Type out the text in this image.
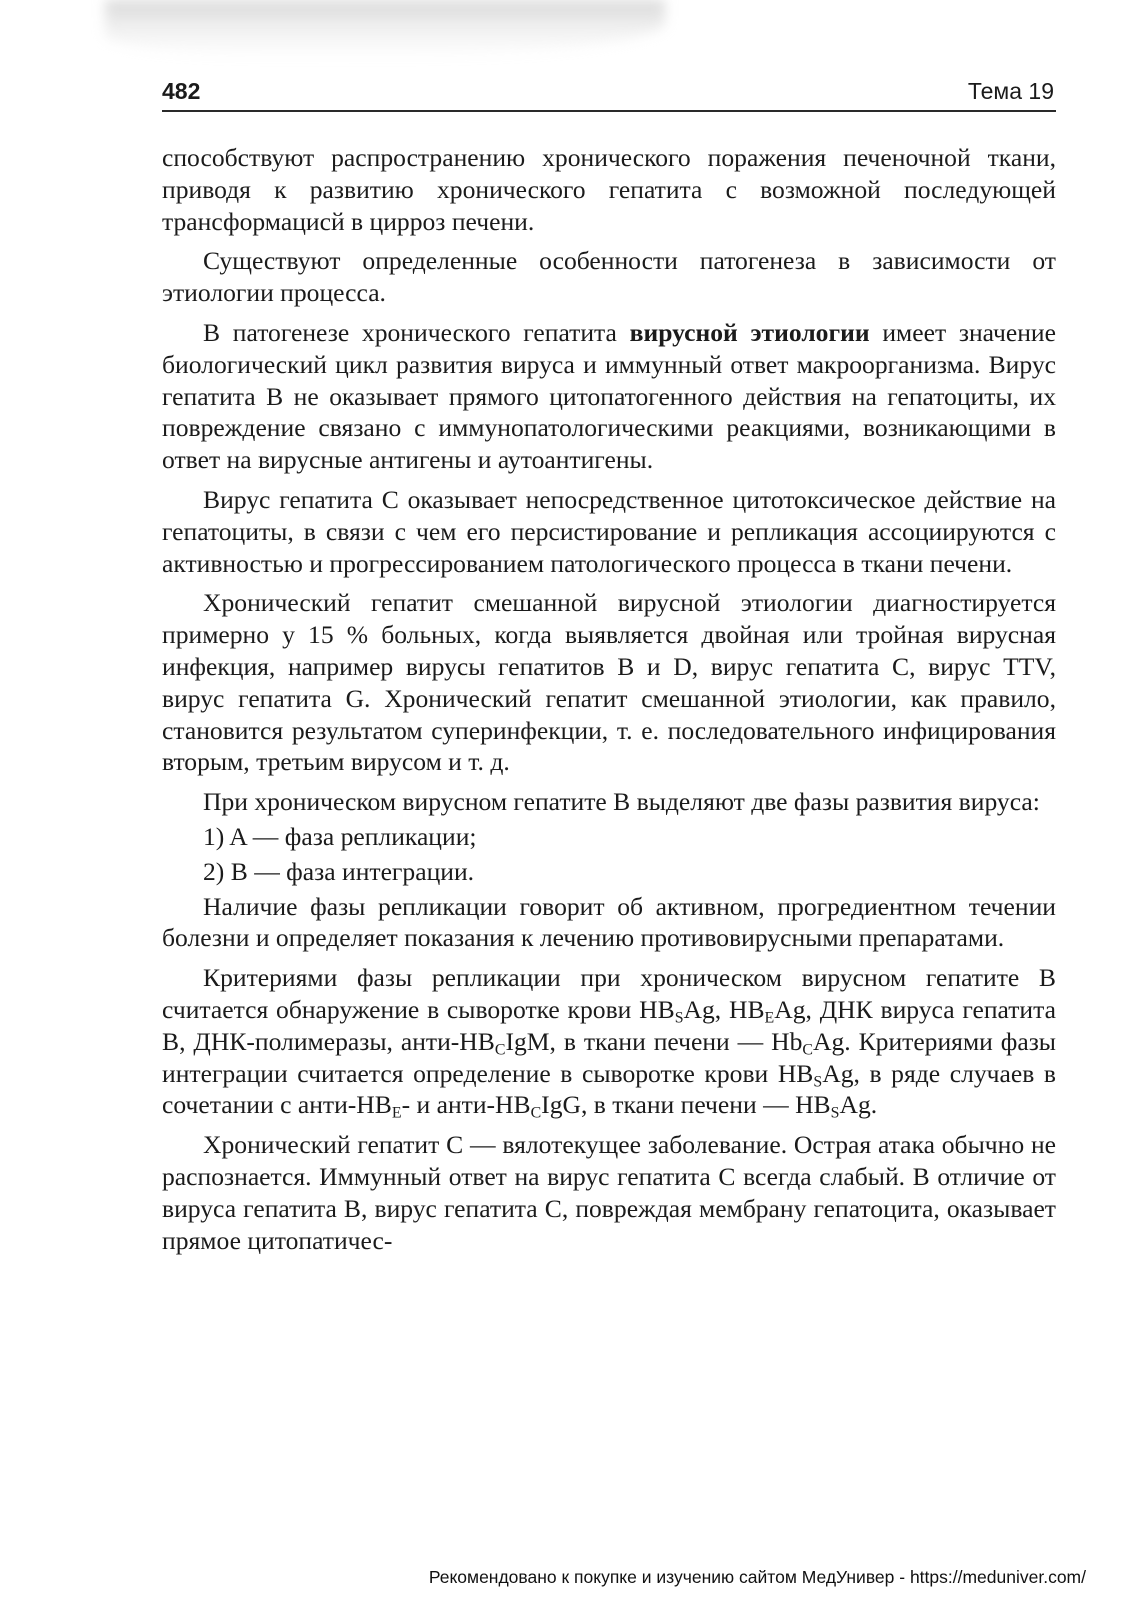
482	Тема 19

способствуют распространению хронического поражения печеночной ткани, приводя к развитию хронического гепатита с возможной последующей трансформацисй в цирроз печени.

Существуют определенные особенности патогенеза в зависимости от этиологии процесса.

В патогенезе хронического гепатита вирусной этиологии имеет значение биологический цикл развития вируса и иммунный ответ макроорганизма. Вирус гепатита B не оказывает прямого цитопатогенного действия на гепатоциты, их повреждение связано с иммунопатологическими реакциями, возникающими в ответ на вирусные антигены и аутоантигены.

Вирус гепатита С оказывает непосредственное цитотоксическое действие на гепатоциты, в связи с чем его персистирование и репликация ассоциируются с активностью и прогрессированием патологического процесса в ткани печени.

Хронический гепатит смешанной вирусной этиологии диагностируется примерно у 15 % больных, когда выявляется двойная или тройная вирусная инфекция, например вирусы гепатитов B и D, вирус гепатита C, вирус TTV, вирус гепатита G. Хронический гепатит смешанной этиологии, как правило, становится результатом суперинфекции, т. е. последовательного инфицирования вторым, третьим вирусом и т. д.

При хроническом вирусном гепатите B выделяют две фазы развития вируса:

1) A — фаза репликации;

2) B — фаза интеграции.

Наличие фазы репликации говорит об активном, прогредиентном течении болезни и определяет показания к лечению противовирусными препаратами.

Критериями фазы репликации при хроническом вирусном гепатите B считается обнаружение в сыворотке крови $HB_SAg$, $HB_EAg$, ДНК вируса гепатита B, ДНК-полимеразы, анти-$HB_CIgM$, в ткани печени — $Hb_CAg$. Критериями фазы интеграции считается определение в сыворотке крови $HB_SAg$, в ряде случаев в сочетании с анти-$HB_E-$ и анти-$HB_CIgG$, в ткани печени — $HB_SAg$.

Хронический гепатит C — вялотекущее заболевание. Острая атака обычно не распознается. Иммунный ответ на вирус гепатита C всегда слабый. В отличие от вируса гепатита B, вирус гепатита C, повреждая мембрану гепатоцита, оказывает прямое цитопатичес-

Рекомендовано к покупке и изучению сайтом МедУнивер - https://meduniver.com/
